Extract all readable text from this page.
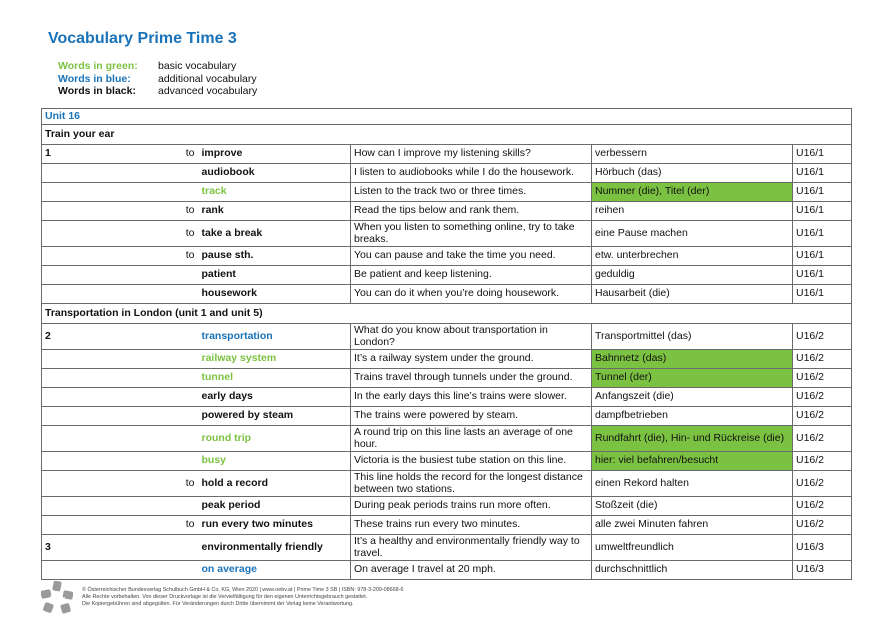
Vocabulary Prime Time 3
Words in green:	basic vocabulary
Words in blue:	additional vocabulary
Words in black:	advanced vocabulary
Unit 16					
Train your ear					
1	to	improve	How can I improve my listening skills?	verbessern	U16/1
		audiobook	I listen to audiobooks while I do the housework.	Hörbuch (das)	U16/1
		track	Listen to the track two or three times.	Nummer (die), Titel (der)	U16/1
	to	rank	Read the tips below and rank them.	reihen	U16/1
	to	take a break	When you listen to something online, try to take breaks.	eine Pause machen	U16/1
	to	pause sth.	You can pause and take the time you need.	etw. unterbrechen	U16/1
		patient	Be patient and keep listening.	geduldig	U16/1
		housework	You can do it when you’re doing housework.	Hausarbeit (die)	U16/1
Transportation in London (unit 1 and unit 5)					
2		transportation	What do you know about transportation in London?	Transportmittel (das)	U16/2
		railway system	It’s a railway system under the ground.	Bahnnetz (das)	U16/2
		tunnel	Trains travel through tunnels under the ground.	Tunnel (der)	U16/2
		early days	In the early days this line’s trains were slower.	Anfangszeit (die)	U16/2
		powered by steam	The trains were powered by steam.	dampfbetrieben	U16/2
		round trip	A round trip on this line lasts an average of one hour.	Rundfahrt (die), Hin- und Rückreise (die)	U16/2
		busy	Victoria is the busiest tube station on this line.	hier: viel befahren/besucht	U16/2
	to	hold a record	This line holds the record for the longest distance between two stations.	einen Rekord halten	U16/2
		peak period	During peak periods trains run more often.	Stoßzeit (die)	U16/2
	to	run every two minutes	These trains run every two minutes.	alle zwei Minuten fahren	U16/2
3		environmentally friendly	It’s a healthy and environmentally friendly way to travel.	umweltfreundlich	U16/3
		on average	On average I travel at 20 mph.	durchschnittlich	U16/3
öbv
© Österreichischer Bundesverlag Schulbuch GmbH & Co. KG, Wien 2020 | www.oebv.at | Prime Time 3 SB | ISBN: 978-3-209-08668-6
Alle Rechte vorbehalten. Von dieser Druckvorlage ist die Vervielfältigung für den eigenen Unterrichtsgebrauch gestattet.
Die Kopiergebühren sind abgegolten. Für Veränderungen durch Dritte übernimmt der Verlag keine Verantwortung.
